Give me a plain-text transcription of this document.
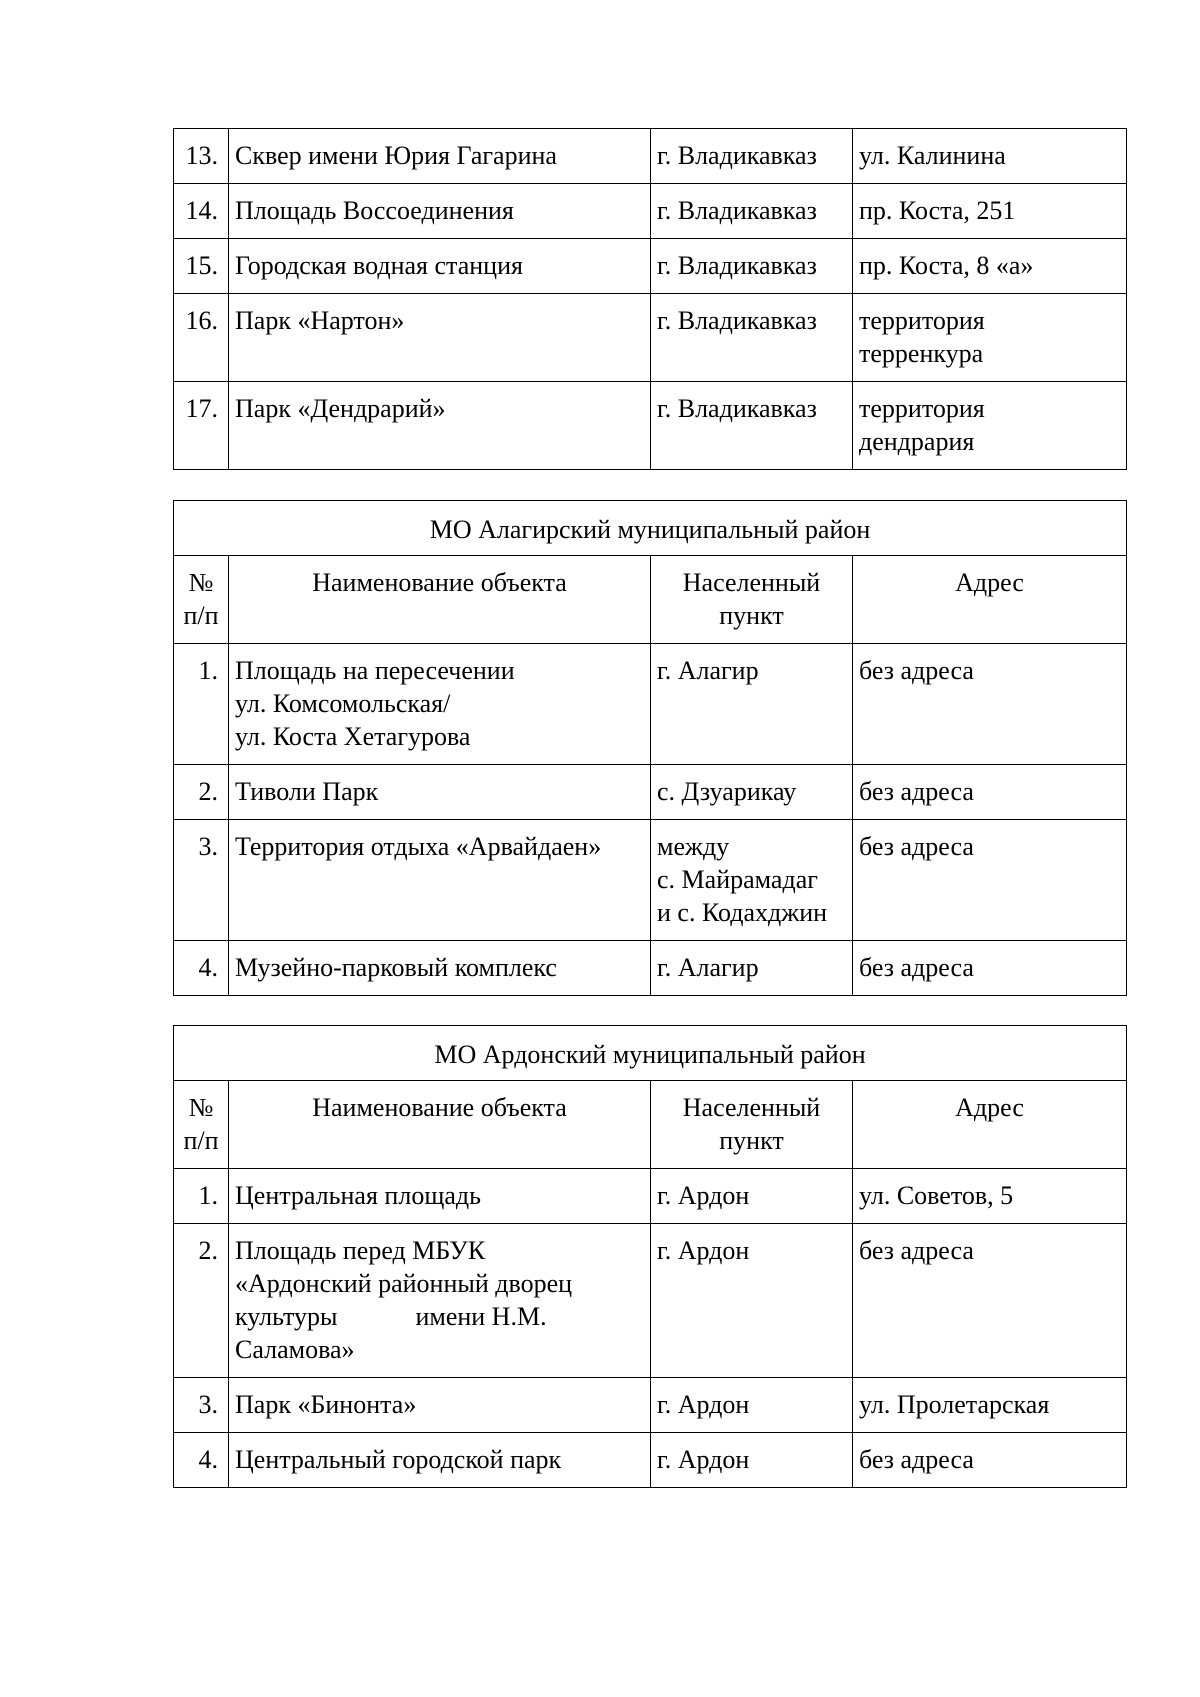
13.	Сквер имени Юрия Гагарина	г. Владикавказ	ул. Калинина
14.	Площадь Воссоединения	г. Владикавказ	пр. Коста, 251
15.	Городская водная станция	г. Владикавказ	пр. Коста, 8 «а»
16.	Парк «Нартон»	г. Владикавказ	территория
терренкура
17.	Парк «Дендрарий»	г. Владикавказ	территория
дендрария
МО Алагирский муниципальный район			
№
п/п	Наименование объекта	Населенный
пункт	Адрес
1.	Площадь на пересечении
ул. Комсомольская/
ул. Коста Хетагурова	г. Алагир	без адреса
2.	Тиволи Парк	с. Дзуарикау	без адреса
3.	Территория отдыха «Арвайдаен»	между
с. Майрамадаг
и с. Кодахджин	без адреса
4.	Музейно-парковый комплекс	г. Алагир	без адреса
МО Ардонский муниципальный район			
№
п/п	Наименование объекта	Населенный
пункт	Адрес
1.	Центральная площадь	г. Ардон	ул. Советов, 5
2.	Площадь перед МБУК
«Ардонский районный дворец
культуры            имени Н.М.
Саламова»	г. Ардон	без адреса
3.	Парк «Бинонта»	г. Ардон	ул. Пролетарская
4.	Центральный городской парк	г. Ардон	без адреса
